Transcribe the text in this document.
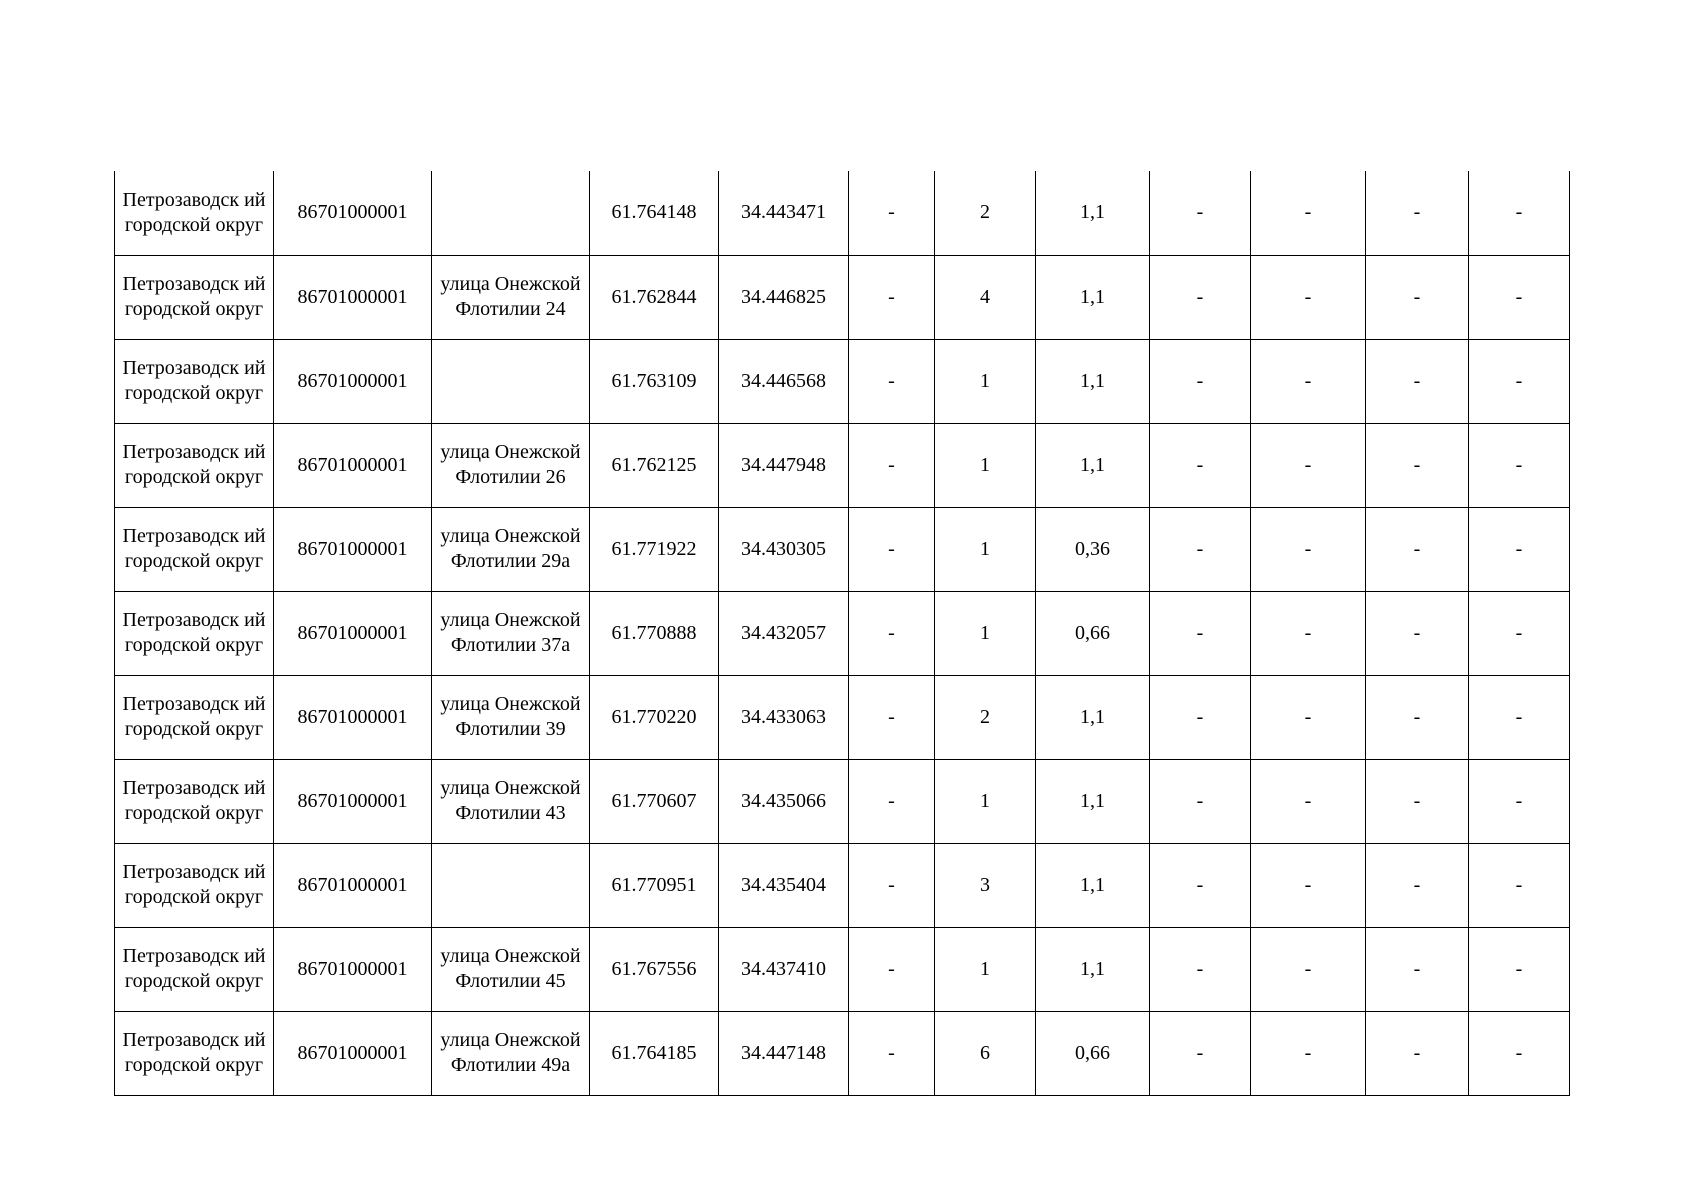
Петрозаводск ий городской округ	86701000001		61.764148	34.443471	-	2	1,1	-	-	-	-
Петрозаводск ий городской округ	86701000001	улица Онежской Флотилии 24	61.762844	34.446825	-	4	1,1	-	-	-	-
Петрозаводск ий городской округ	86701000001		61.763109	34.446568	-	1	1,1	-	-	-	-
Петрозаводск ий городской округ	86701000001	улица Онежской Флотилии 26	61.762125	34.447948	-	1	1,1	-	-	-	-
Петрозаводск ий городской округ	86701000001	улица Онежской Флотилии 29а	61.771922	34.430305	-	1	0,36	-	-	-	-
Петрозаводск ий городской округ	86701000001	улица Онежской Флотилии 37а	61.770888	34.432057	-	1	0,66	-	-	-	-
Петрозаводск ий городской округ	86701000001	улица Онежской Флотилии 39	61.770220	34.433063	-	2	1,1	-	-	-	-
Петрозаводск ий городской округ	86701000001	улица Онежской Флотилии 43	61.770607	34.435066	-	1	1,1	-	-	-	-
Петрозаводск ий городской округ	86701000001		61.770951	34.435404	-	3	1,1	-	-	-	-
Петрозаводск ий городской округ	86701000001	улица Онежской Флотилии 45	61.767556	34.437410	-	1	1,1	-	-	-	-
Петрозаводск ий городской округ	86701000001	улица Онежской Флотилии 49а	61.764185	34.447148	-	6	0,66	-	-	-	-
